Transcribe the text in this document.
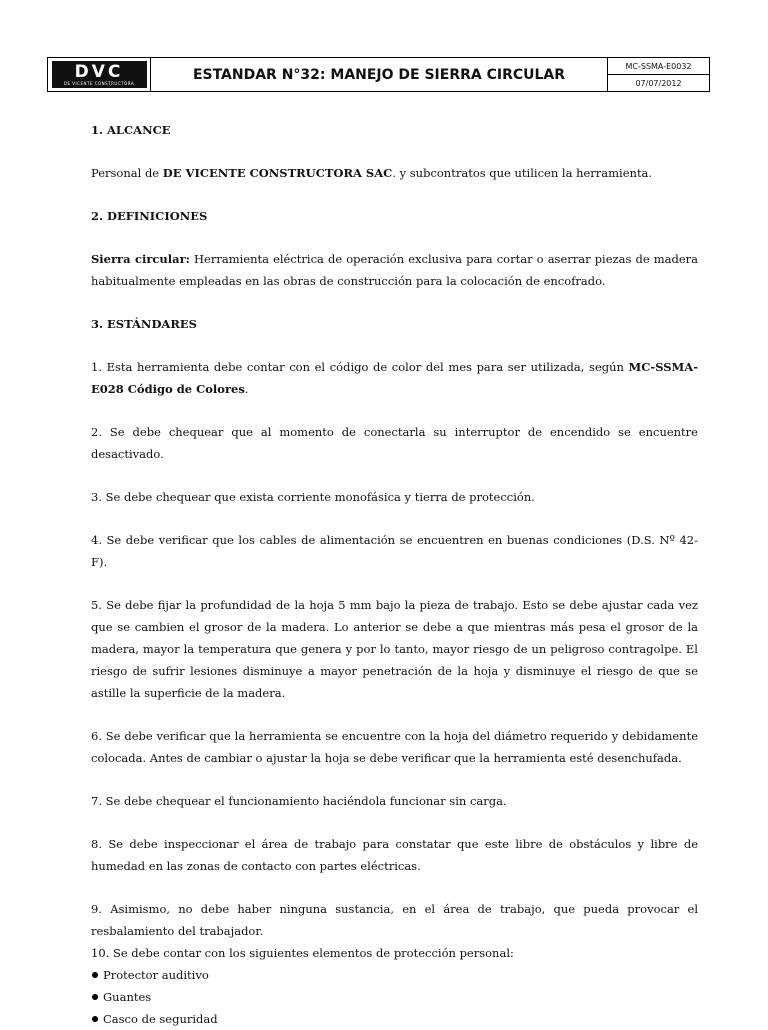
DVC
DE VICENTE CONSTRUCTORA
ESTANDAR N°32: MANEJO DE SIERRA CIRCULAR
MC-SSMA-E0032
07/07/2012

1. ALCANCE

Personal de DE VICENTE CONSTRUCTORA SAC. y subcontratos que utilicen la herramienta.

2. DEFINICIONES

Sierra circular: Herramienta eléctrica de operación exclusiva para cortar o aserrar piezas de madera habitualmente empleadas en las obras de construcción para la colocación de encofrado.

3. ESTÁNDARES

1. Esta herramienta debe contar con el código de color del mes para ser utilizada, según MC-SSMA-E028 Código de Colores.

2. Se debe chequear que al momento de conectarla su interruptor de encendido se encuentre desactivado.

3. Se debe chequear que exista corriente monofásica y tierra de protección.

4. Se debe verificar que los cables de alimentación se encuentren en buenas condiciones (D.S. Nº 42-F).

5. Se debe fijar la profundidad de la hoja 5 mm bajo la pieza de trabajo. Esto se debe ajustar cada vez que se cambien el grosor de la madera. Lo anterior se debe a que mientras más pesa el grosor de la madera, mayor la temperatura que genera y por lo tanto, mayor riesgo de un peligroso contragolpe. El riesgo de sufrir lesiones disminuye a mayor penetración de la hoja y disminuye el riesgo de que se astille la superficie de la madera.

6. Se debe verificar que la herramienta se encuentre con la hoja del diámetro requerido y debidamente colocada. Antes de cambiar o ajustar la hoja se debe verificar que la herramienta esté desenchufada.

7. Se debe chequear el funcionamiento haciéndola funcionar sin carga.

8. Se debe inspeccionar el área de trabajo para constatar que este libre de obstáculos y libre de humedad en las zonas de contacto con partes eléctricas.

9. Asimismo, no debe haber ninguna sustancia, en el área de trabajo, que pueda provocar el resbalamiento del trabajador.

10. Se debe contar con los siguientes elementos de protección personal:

Protector auditivo
Guantes
Casco de seguridad
